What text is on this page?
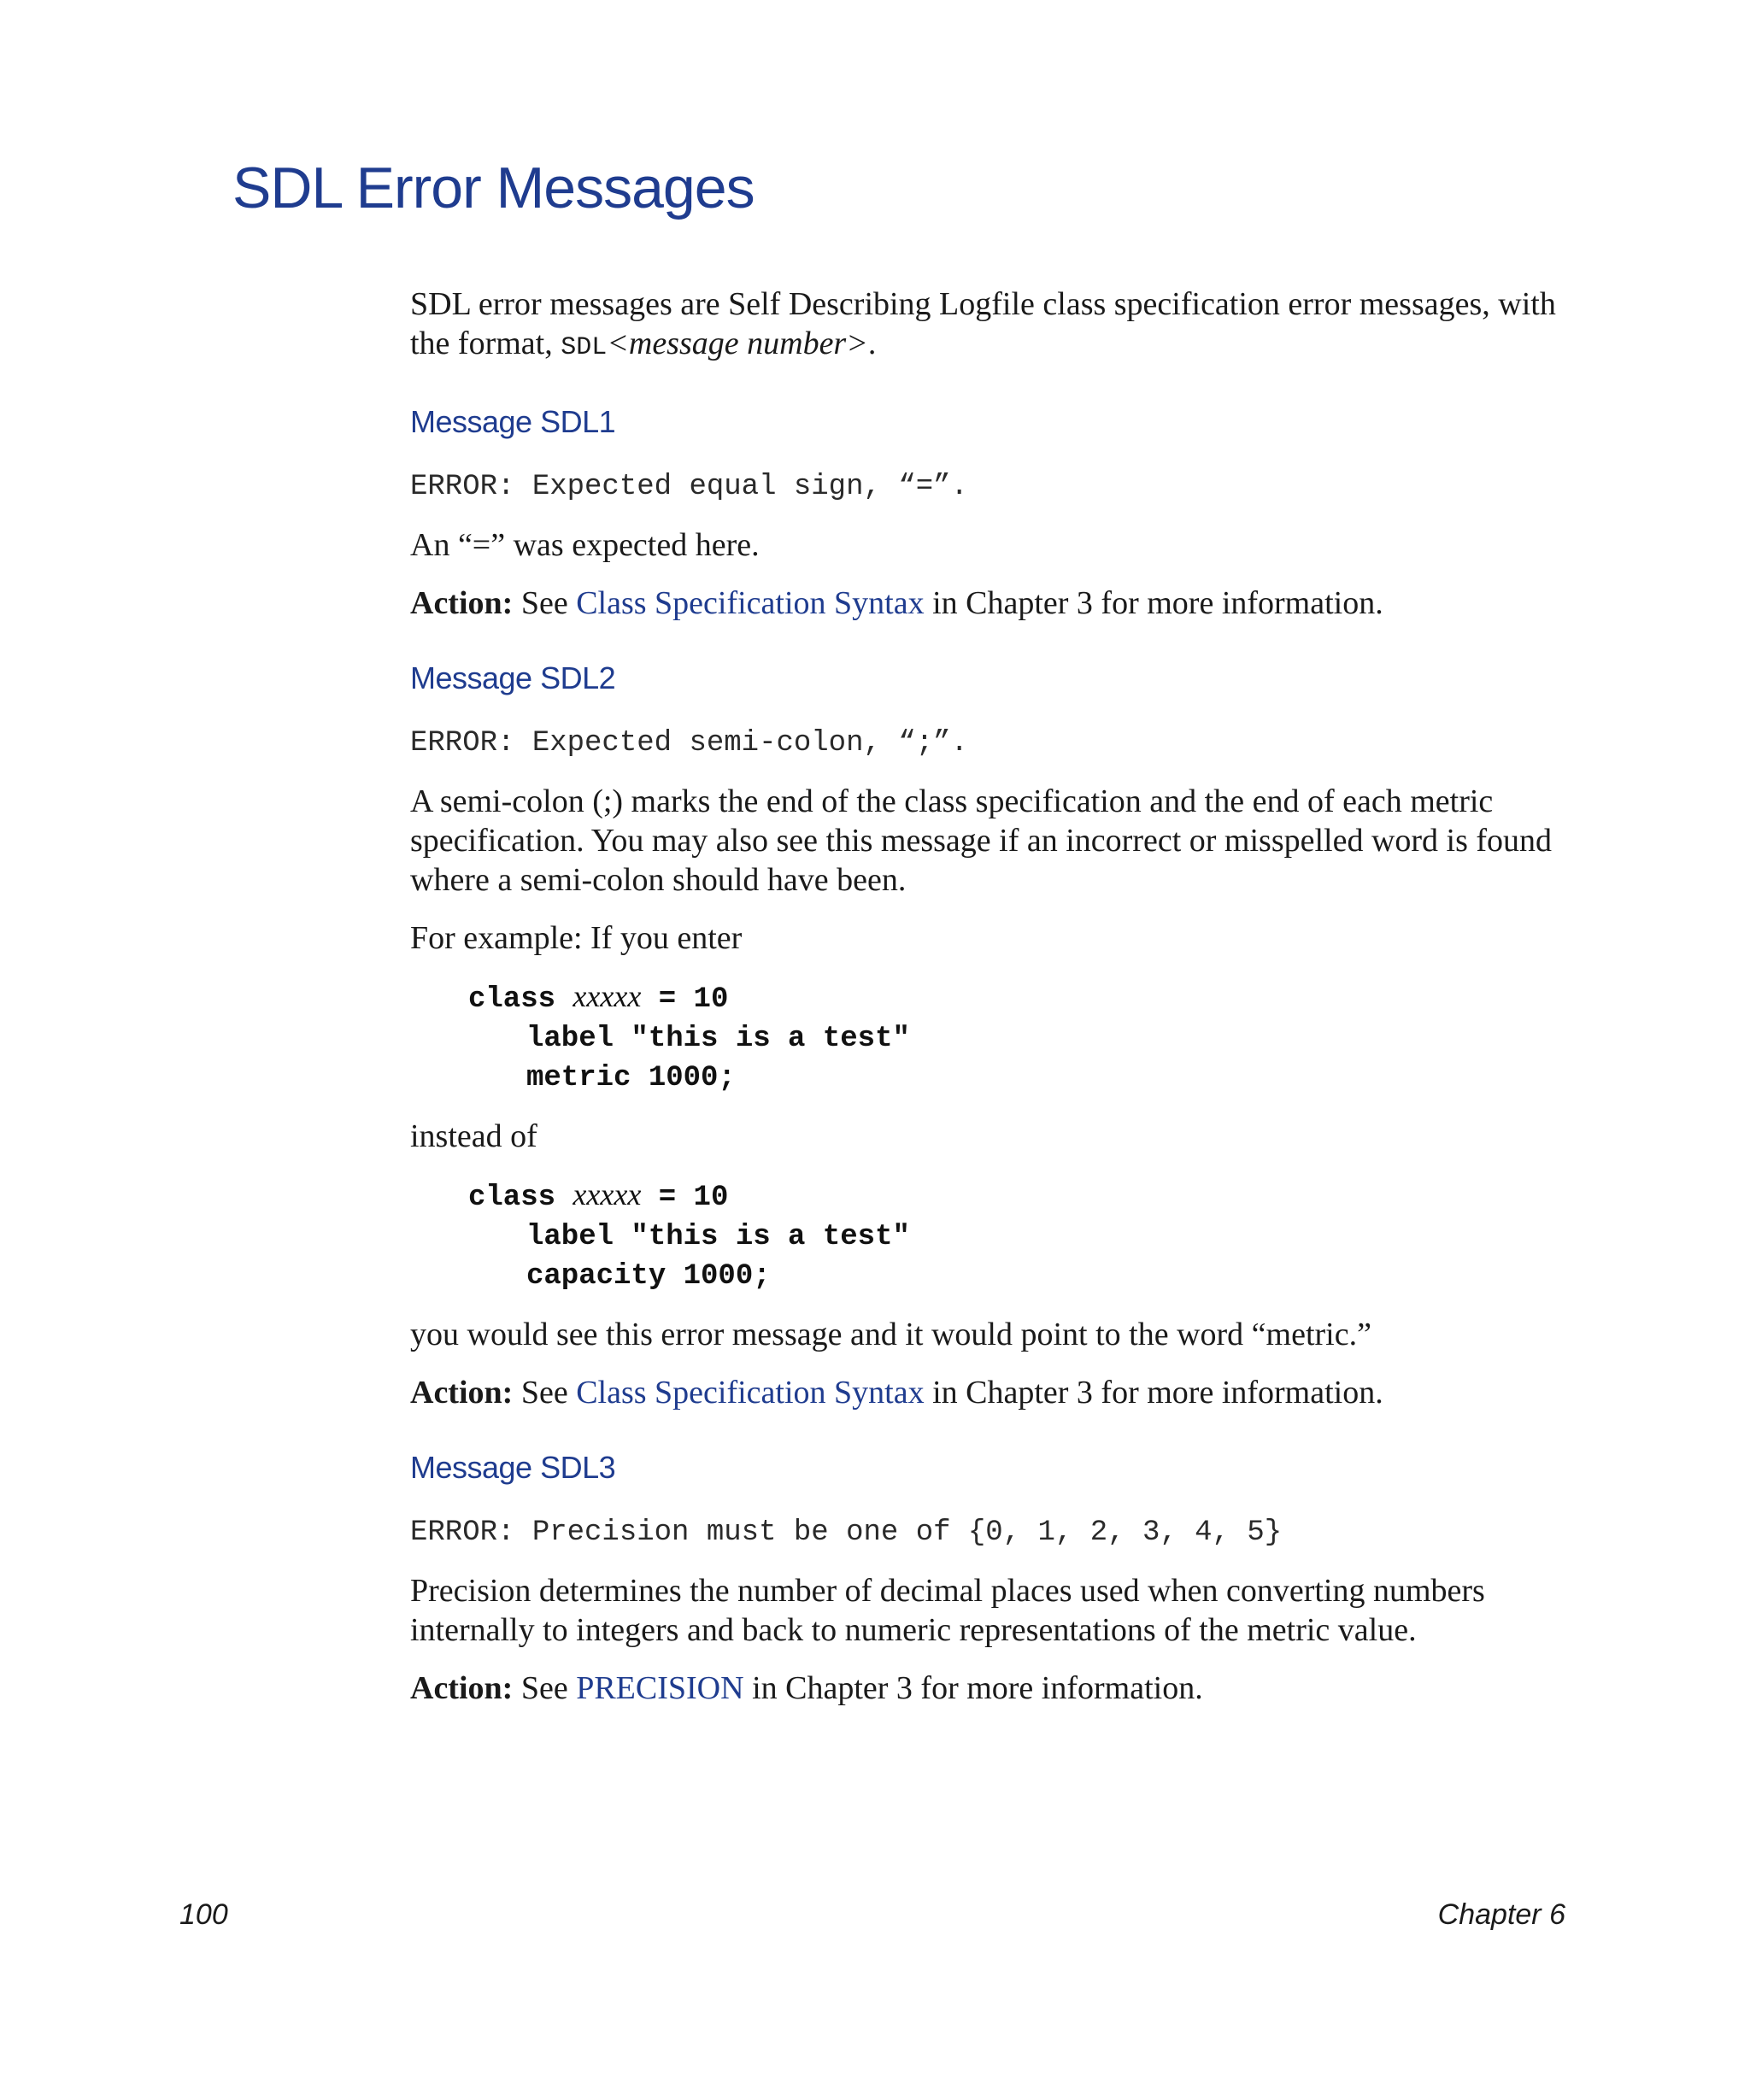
SDL Error Messages

SDL error messages are Self Describing Logfile class specification error messages, with the format, SDL<message number>.

Message SDL1

ERROR: Expected equal sign, “=”.

An “=” was expected here.

Action: See Class Specification Syntax in Chapter 3 for more information.

Message SDL2

ERROR: Expected semi-colon, “;”.

A semi-colon (;) marks the end of the class specification and the end of each metric specification. You may also see this message if an incorrect or misspelled word is found where a semi-colon should have been.

For example: If you enter

class xxxxx = 10
label "this is a test"
metric 1000;

instead of

class xxxxx = 10
label "this is a test"
capacity 1000;

you would see this error message and it would point to the word “metric.”

Action: See Class Specification Syntax in Chapter 3 for more information.

Message SDL3

ERROR: Precision must be one of {0, 1, 2, 3, 4, 5}

Precision determines the number of decimal places used when converting numbers internally to integers and back to numeric representations of the metric value.

Action: See PRECISION in Chapter 3 for more information.

100	Chapter 6
